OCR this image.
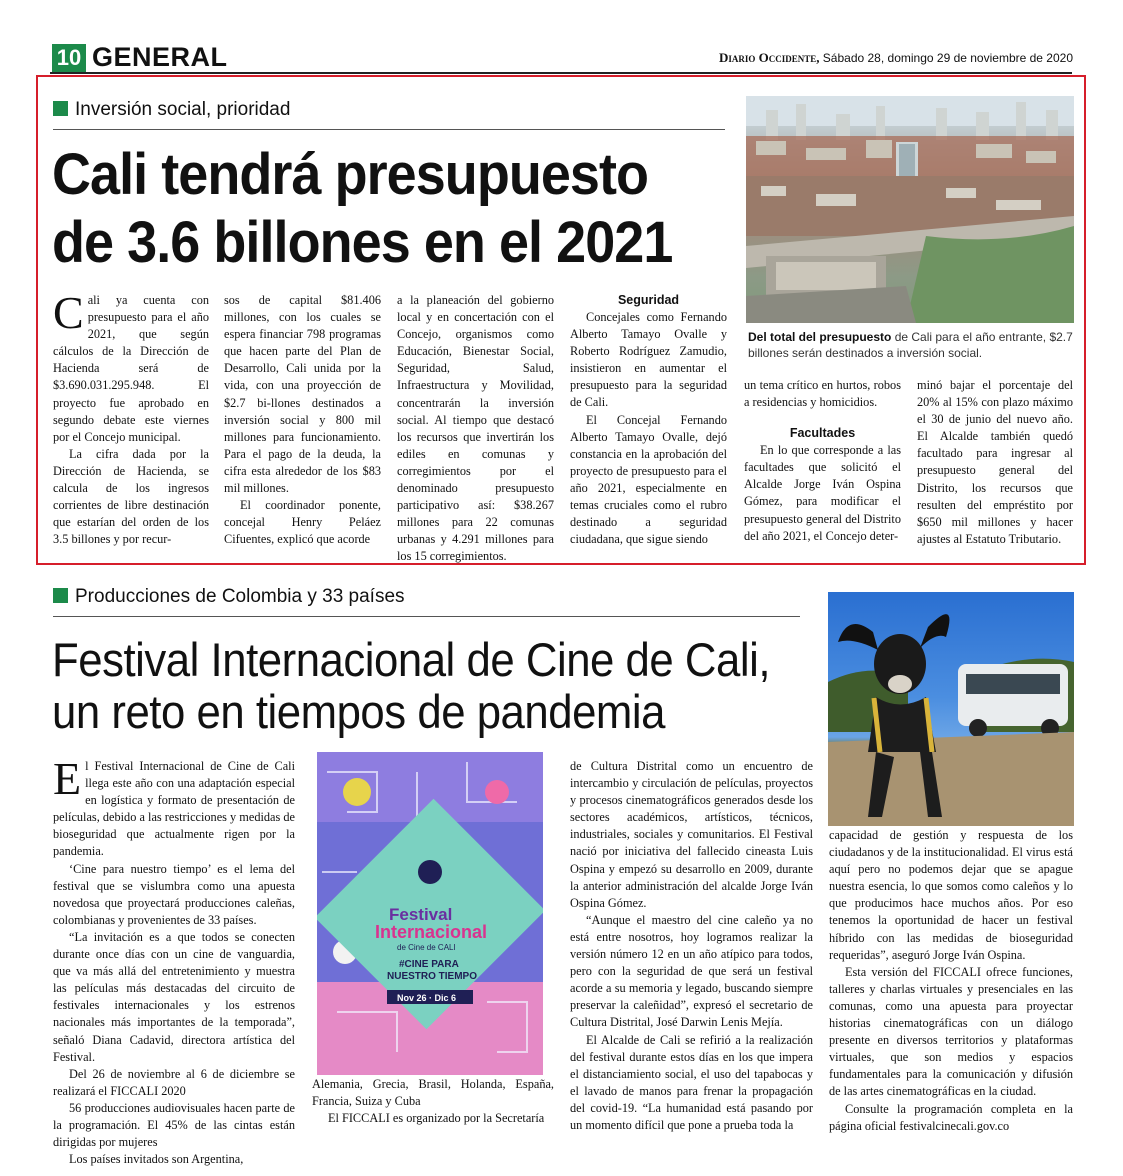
10 GENERAL	Diario Occidente, Sábado 28, domingo 29 de noviembre de 2020
Inversión social, prioridad
Cali tendrá presupuesto
de 3.6 billones en el 2021
Del total del presupuesto de Cali para el año entrante, $2.7 billones serán destinados a inversión social.

Cali ya cuenta con presupuesto para el año 2021, que según cálculos de la Dirección de Hacienda será de $3.690.031.295.948. El proyecto fue aprobado en segundo debate este viernes por el Concejo municipal.

La cifra dada por la Dirección de Hacienda, se calcula de los ingresos corrientes de libre destinación que estarían del orden de los 3.5 billones y por recur-

sos de capital $81.406 millones, con los cuales se espera financiar 798 programas que hacen parte del Plan de Desarrollo, Cali unida por la vida, con una proyección de $2.7 bi-llones destinados a inversión social y 800 mil millones para funcionamiento. Para el pago de la deuda, la cifra esta alrededor de los $83 mil millones.

El coordinador ponente, concejal Henry Peláez Cifuentes, explicó que acorde

a la planeación del gobierno local y en concertación con el Concejo, organismos como Educación, Bienestar Social, Seguridad, Salud, Infraestructura y Movilidad, concentrarán la inversión social. Al tiempo que destacó los recursos que invertirán los ediles en comunas y corregimientos por el denominado presupuesto participativo así: $38.267 millones para 22 comunas urbanas y 4.291 millones para los 15 corregimientos.

Seguridad

Concejales como Fernando Alberto Tamayo Ovalle y Roberto Rodríguez Zamudio, insistieron en aumentar el presupuesto para la seguridad de Cali.

El Concejal Fernando Alberto Tamayo Ovalle, dejó constancia en la aprobación del proyecto de presupuesto para el año 2021, especialmente en temas cruciales como el rubro destinado a seguridad ciudadana, que sigue siendo

un tema crítico en hurtos, robos a residencias y homicidios.

Facultades

En lo que corresponde a las facultades que solicitó el Alcalde Jorge Iván Ospina Gómez, para modificar el presupuesto general del Distrito del año 2021, el Concejo deter-

minó bajar el porcentaje del 20% al 15% con plazo máximo el 30 de junio del nuevo año. El Alcalde también quedó facultado para ingresar al presupuesto general del Distrito, los recursos que resulten del empréstito por $650 mil millones y hacer ajustes al Estatuto Tributario.

Producciones de Colombia y 33 países
Festival Internacional de Cine de Cali,
un reto en tiempos de pandemia
Festival
Internacional
de Cine de CALI
#CINE PARA
NUESTRO TIEMPO
Nov 26 · Dic 6

El Festival Internacional de Cine de Cali llega este año con una adaptación especial en logística y formato de presentación de películas, debido a las restricciones y medidas de bioseguridad que actualmente rigen por la pandemia.

‘Cine para nuestro tiempo’ es el lema del festival que se vislumbra como una apuesta novedosa que proyectará producciones caleñas, colombianas y provenientes de 33 países.

“La invitación es a que todos se conecten durante once días con un cine de vanguardia, que va más allá del entretenimiento y muestra las películas más destacadas del circuito de festivales internacionales y los estrenos nacionales más importantes de la temporada”, señaló Diana Cadavid, directora artística del Festival.

Del 26 de noviembre al 6 de diciembre se realizará el FICCALI 2020

56 producciones audiovisuales hacen parte de la programación. El 45% de las cintas están dirigidas por mujeres

Los países invitados son Argentina,

Alemania, Grecia, Brasil, Holanda, España, Francia, Suiza y Cuba

El FICCALI es organizado por la Secretaría

de Cultura Distrital como un encuentro de intercambio y circulación de películas, proyectos y procesos cinematográficos generados desde los sectores académicos, artísticos, técnicos, industriales, sociales y comunitarios. El Festival nació por iniciativa del fallecido cineasta Luis Ospina y empezó su desarrollo en 2009, durante la anterior administración del alcalde Jorge Iván Ospina Gómez.

“Aunque el maestro del cine caleño ya no está entre nosotros, hoy logramos realizar la versión número 12 en un año atípico para todos, pero con la seguridad de que será un festival acorde a su memoria y legado, buscando siempre preservar la caleñidad”, expresó el secretario de Cultura Distrital, José Darwin Lenis Mejía.

El Alcalde de Cali se refirió a la realización del festival durante estos días en los que impera el distanciamiento social, el uso del tapabocas y el lavado de manos para frenar la propagación del covid-19. “La humanidad está pasando por un momento difícil que pone a prueba toda la

capacidad de gestión y respuesta de los ciudadanos y de la institucionalidad. El virus está aquí pero no podemos dejar que se apague nuestra esencia, lo que somos como caleños y lo que producimos hace muchos años. Por eso tenemos la oportunidad de hacer un festival híbrido con las medidas de bioseguridad requeridas”, aseguró Jorge Iván Ospina.

Esta versión del FICCALI ofrece funciones, talleres y charlas virtuales y presenciales en las comunas, como una apuesta para proyectar historias cinematográficas con un diálogo presente en diversos territorios y plataformas virtuales, que son medios y espacios fundamentales para la comunicación y difusión de las artes cinematográficas en la ciudad.

Consulte la programación completa en la página oficial festivalcinecali.gov.co
